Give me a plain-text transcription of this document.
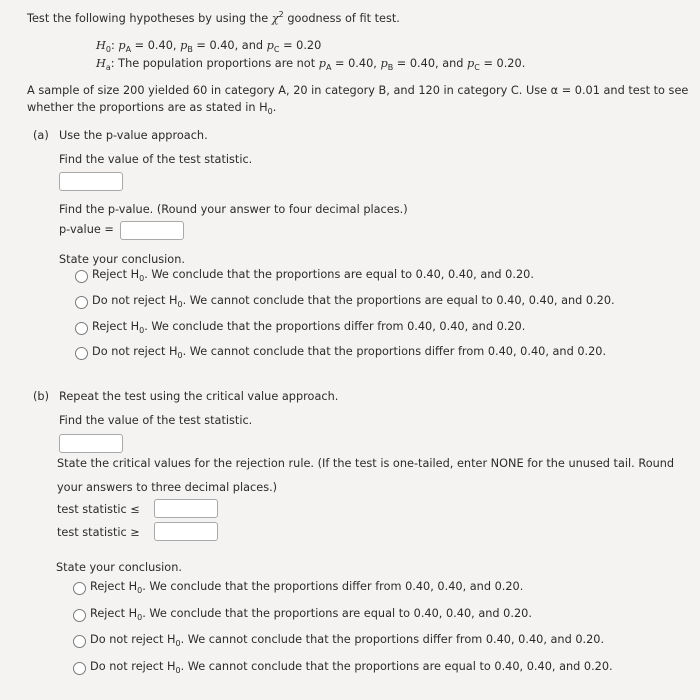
Test the following hypotheses by using the $\chi^2$ goodness of fit test.
$H_0$: $p_A = 0.40$, $p_B = 0.40$, and $p_C = 0.20$
$H_a$: The population proportions are not $p_A = 0.40$, $p_B = 0.40$, and $p_C = 0.20$.
A sample of size 200 yielded 60 in category A, 20 in category B, and 120 in category C. Use α = 0.01 and test to see
whether the proportions are as stated in $H_0$.
(a) Use the p-value approach.
Find the value of the test statistic.
Find the p-value. (Round your answer to four decimal places.)
p-value =
State your conclusion.
Reject $H_0$. We conclude that the proportions are equal to 0.40, 0.40, and 0.20.
Do not reject $H_0$. We cannot conclude that the proportions are equal to 0.40, 0.40, and 0.20.
Reject $H_0$. We conclude that the proportions differ from 0.40, 0.40, and 0.20.
Do not reject $H_0$. We cannot conclude that the proportions differ from 0.40, 0.40, and 0.20.
(b) Repeat the test using the critical value approach.
Find the value of the test statistic.
State the critical values for the rejection rule. (If the test is one-tailed, enter NONE for the unused tail. Round
your answers to three decimal places.)
test statistic ≤
test statistic ≥
State your conclusion.
Reject $H_0$. We conclude that the proportions differ from 0.40, 0.40, and 0.20.
Reject $H_0$. We conclude that the proportions are equal to 0.40, 0.40, and 0.20.
Do not reject $H_0$. We cannot conclude that the proportions differ from 0.40, 0.40, and 0.20.
Do not reject $H_0$. We cannot conclude that the proportions are equal to 0.40, 0.40, and 0.20.
